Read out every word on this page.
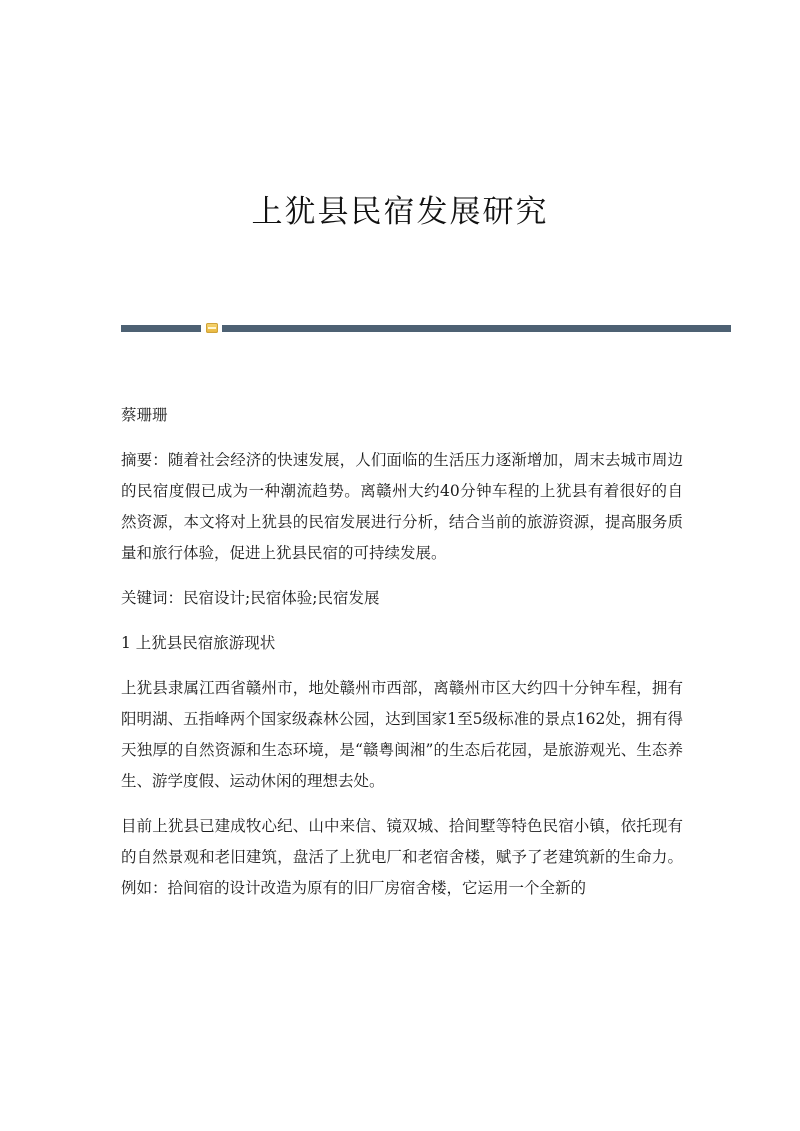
上犹县民宿发展研究

蔡珊珊

摘要：随着社会经济的快速发展，人们面临的生活压力逐渐增加，周末去城市周边的民宿度假已成为一种潮流趋势。离赣州大约40分钟车程的上犹县有着很好的自然资源，本文将对上犹县的民宿发展进行分析，结合当前的旅游资源，提高服务质量和旅行体验，促进上犹县民宿的可持续发展。

关键词：民宿设计;民宿体验;民宿发展

1 上犹县民宿旅游现状

上犹县隶属江西省赣州市，地处赣州市西部，离赣州市区大约四十分钟车程，拥有阳明湖、五指峰两个国家级森林公园，达到国家1至5级标准的景点162处，拥有得天独厚的自然资源和生态环境，是“赣粤闽湘”的生态后花园，是旅游观光、生态养生、游学度假、运动休闲的理想去处。

目前上犹县已建成牧心纪、山中来信、镜双城、拾间墅等特色民宿小镇，依托现有的自然景观和老旧建筑，盘活了上犹电厂和老宿舍楼，赋予了老建筑新的生命力。例如：拾间宿的设计改造为原有的旧厂房宿舍楼，它运用一个全新的
